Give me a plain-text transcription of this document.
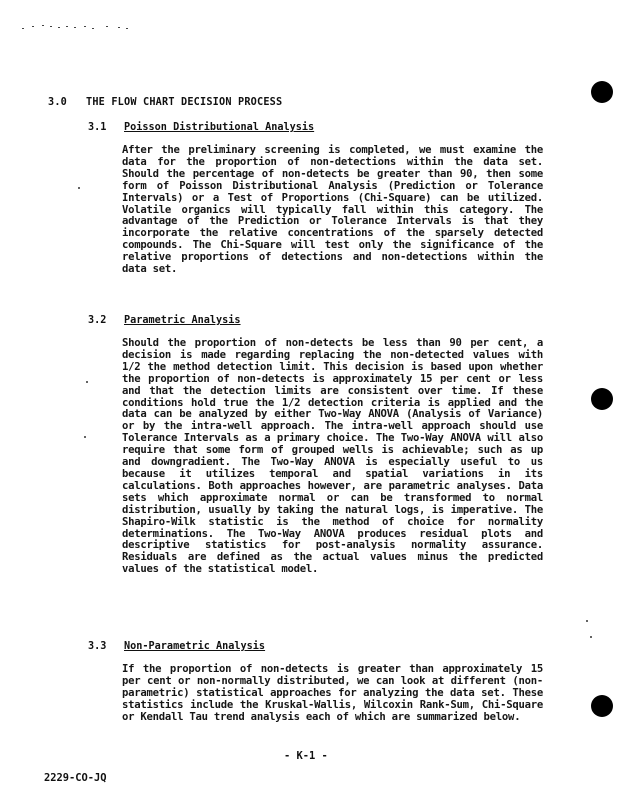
3.0 THE FLOW CHART DECISION PROCESS
3.1 Poisson Distributional Analysis
After the preliminary screening is completed, we must examine the data for the proportion of non-detections within the data set. Should the percentage of non-detects be greater than 90, then some form of Poisson Distributional Analysis (Prediction or Tolerance Intervals) or a Test of Proportions (Chi-Square) can be utilized. Volatile organics will typically fall within this category. The advantage of the Prediction or Tolerance Intervals is that they incorporate the relative concentrations of the sparsely detected compounds. The Chi-Square will test only the significance of the relative proportions of detections and non-detections within the data set.
3.2 Parametric Analysis
Should the proportion of non-detects be less than 90 per cent, a decision is made regarding replacing the non-detected values with 1/2 the method detection limit. This decision is based upon whether the proportion of non-detects is approximately 15 per cent or less and that the detection limits are consistent over time. If these conditions hold true the 1/2 detection criteria is applied and the data can be analyzed by either Two-Way ANOVA (Analysis of Variance) or by the intra-well approach. The intra-well approach should use Tolerance Intervals as a primary choice. The Two-Way ANOVA will also require that some form of grouped wells is achievable; such as up and downgradient. The Two-Way ANOVA is especially useful to us because it utilizes temporal and spatial variations in its calculations. Both approaches however, are parametric analyses. Data sets which approximate normal or can be transformed to normal distribution, usually by taking the natural logs, is imperative. The Shapiro-Wilk statistic is the method of choice for normality determinations. The Two-Way ANOVA produces residual plots and descriptive statistics for post-analysis normality assurance. Residuals are defined as the actual values minus the predicted values of the statistical model.
3.3 Non-Parametric Analysis
If the proportion of non-detects is greater than approximately 15 per cent or non-normally distributed, we can look at different (non-parametric) statistical approaches for analyzing the data set. These statistics include the Kruskal-Wallis, Wilcoxin Rank-Sum, Chi-Square or Kendall Tau trend analysis each of which are summarized below.
- K-1 -
2229-CO-JQ
